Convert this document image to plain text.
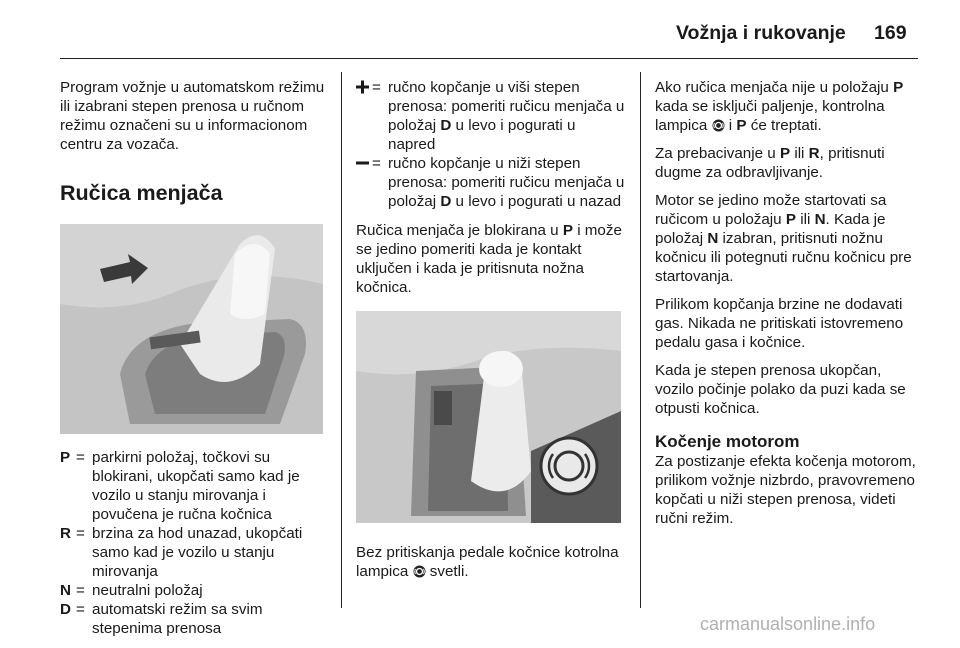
Vožnja i rukovanje 169

Program vožnje u automatskom režimu ili izabrani stepen prenosa u ručnom režimu označeni su u informacionom centru za vozača.

Ručica menjača
P = parkirni položaj, točkovi su blokirani, ukopčati samo kad je vozilo u stanju mirovanja i povučena je ručna kočnica
R = brzina za hod unazad, ukopčati samo kad je vozilo u stanju mirovanja
N = neutralni položaj
D = automatski režim sa svim stepenima prenosa
= ručno kopčanje u viši stepen prenosa: pomeriti ručicu menjača u položaj D u levo i pogurati u napred
= ručno kopčanje u niži stepen prenosa: pomeriti ručicu menjača u položaj D u levo i pogurati u nazad

Ručica menjača je blokirana u P i može se jedino pomeriti kada je kontakt uključen i kada je pritisnuta nožna kočnica.

Bez pritiskanja pedale kočnice kotrolna lampica  svetli.

Ako ručica menjača nije u položaju P kada se isključi paljenje, kontrolna lampica  i P će treptati.

Za prebacivanje u P ili R, pritisnuti dugme za odbravljivanje.

Motor se jedino može startovati sa ručicom u položaju P ili N. Kada je položaj N izabran, pritisnuti nožnu kočnicu ili potegnuti ručnu kočnicu pre startovanja.

Prilikom kopčanja brzine ne dodavati gas. Nikada ne pritiskati istovremeno pedalu gasa i kočnice.

Kada je stepen prenosa ukopčan, vozilo počinje polako da puzi kada se otpusti kočnica.

Kočenje motorom

Za postizanje efekta kočenja motorom, prilikom vožnje nizbrdo, pravovremeno kopčati u niži stepen prenosa, videti ručni režim.

carmanualsonline.info
